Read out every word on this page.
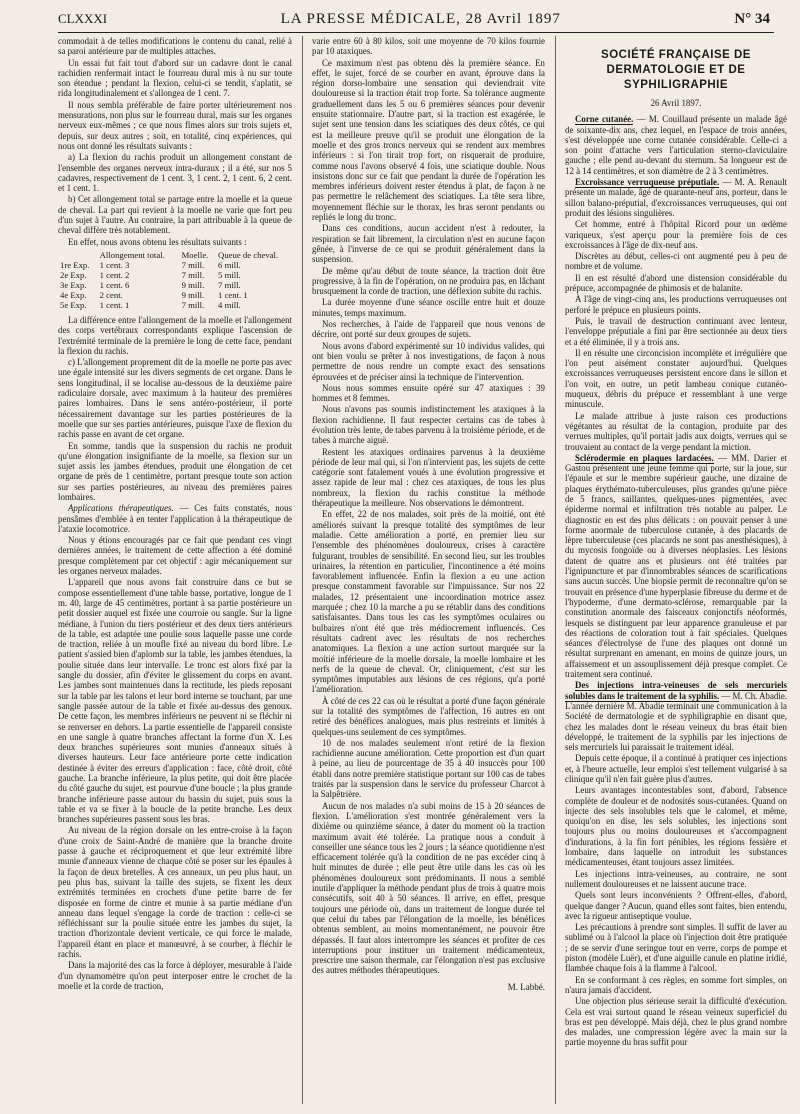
CLXXXI	LA PRESSE MÉDICALE, 28 Avril 1897	N° 34

commodait à de telles modifications le contenu du canal, relié à sa paroi antérieure par de multiples attaches.

Un essai fut fait tout d'abord sur un cadavre dont le canal rachidien renfermait intact le fourreau dural mis à nu sur toute son étendue ; pendant la flexion, celui-ci se tendit, s'aplatit, se rida longitudinalement et s'allongea de 1 cent. 7.

Il nous sembla préférable de faire porter ultérieurement nos mensurations, non plus sur le fourreau dural, mais sur les organes nerveux eux-mêmes ; ce que nous fîmes alors sur trois sujets et, depuis, sur deux autres ; soit, en totalité, cinq expériences, qui nous ont donné les résultats suivants :

a) La flexion du rachis produit un allongement constant de l'ensemble des organes nerveux intra-duraux ; il a été, sur nos 5 cadavres, respectivement de 1 cent. 3, 1 cent. 2, 1 cent. 6, 2 cent. et 1 cent. 1.

b) Cet allongement total se partage entre la moelle et la queue de cheval. La part qui revient à la moelle ne varie que fort peu d'un sujet à l'autre. Au contraire, la part attribuable à la queue de cheval diffère très notablement.

En effet, nous avons obtenu les résultats suivants :

	Allongement total.	Moelle.	Queue de cheval.
1re Exp.	1 cent. 3	7 mill.	6 mill.
2e Exp.	1 cent. 2	7 mill.	5 mill.
3e Exp.	1 cent. 6	9 mill.	7 mill.
4e Exp.	2 cent.	9 mill.	1 cent. 1
5e Exp.	1 cent. 1	7 mill.	4 mill.

La différence entre l'allongement de la moelle et l'allongement des corps vertébraux correspondants explique l'ascension de l'extrémité terminale de la première le long de cette face, pendant la flexion du rachis.

c) L'allongement proprement dit de la moelle ne porte pas avec une égale intensité sur les divers segments de cet organe. Dans le sens longitudinal, il se localise au-dessous de la deuxième paire radiculaire dorsale, avec maximum à la hauteur des premières paires lombaires. Dans le sens antéro-postérieur, il porte nécessairement davantage sur les parties postérieures de la moelle que sur ses parties antérieures, puisque l'axe de flexion du rachis passe en avant de cet organe.

En somme, tandis que la suspension du rachis ne produit qu'une élongation insignifiante de la moelle, sa flexion sur un sujet assis les jambes étendues, produit une élongation de cet organe de près de 1 centimètre, portant presque toute son action sur ses parties postérieures, au niveau des premières paires lombaires.

Applications thérapeutiques. — Ces faits constatés, nous pensâmes d'emblée à en tenter l'application à la thérapeutique de l'ataxie locomotrice.

Nous y étions encouragés par ce fait que pendant ces vingt dernières années, le traitement de cette affection a été dominé presque complètement par cet objectif : agir mécaniquement sur les organes nerveux malades.

L'appareil que nous avons fait construire dans ce but se compose essentiellement d'une table basse, portative, longue de 1 m. 40, large de 45 centimètres, portant à sa partie postérieure un petit dossier auquel est fixée une courroie ou sangle. Sur la ligne médiane, à l'union du tiers postérieur et des deux tiers antérieurs de la table, est adaptée une poulie sous laquelle passe une corde de traction, reliée à un moufle fixé au niveau du bord libre. Le patient s'assied bien d'aplomb sur la table, les jambes étendues, la poulie située dans leur intervalle. Le tronc est alors fixé par la sangle du dossier, afin d'éviter le glissement du corps en avant. Les jambes sont maintenues dans la rectitude, les pieds reposant sur la table par les talons et leur bord interne se touchant, par une sangle passée autour de la table et fixée au-dessus des genoux. De cette façon, les membres inférieurs ne peuvent ni se fléchir ni se renverser en dehors. La partie essentielle de l'appareil consiste en une sangle à quatre branches affectant la forme d'un X. Les deux branches supérieures sont munies d'anneaux situés à diverses hauteurs. Leur face antérieure porte cette indication destinée à éviter des erreurs d'application : face, côté droit, côté gauche. La branche inférieure, la plus petite, qui doit être placée du côté gauche du sujet, est pourvue d'une boucle ; la plus grande branche inférieure passe autour du bassin du sujet, puis sous la table et va se fixer à la boucle de la petite branche. Les deux branches supérieures passent sous les bras.

Au niveau de la région dorsale on les entre-croise à la façon d'une croix de Saint-André de manière que la branche droite passe à gauche et réciproquement et que leur extrémité libre munie d'anneaux vienne de chaque côté se poser sur les épaules à la façon de deux bretelles. À ces anneaux, un peu plus haut, un peu plus bas, suivant la taille des sujets, se fixent les deux extrémités terminées en crochets d'une petite barre de fer disposée en forme de cintre et munie à sa partie médiane d'un anneau dans lequel s'engage la corde de traction : celle-ci se réfléchissant sur la poulie située entre les jambes du sujet, la traction d'horizontale devient verticale, ce qui force le malade, l'appareil étant en place et manœuvré, à se courber, à fléchir le rachis.

Dans la majorité des cas la force à déployer, mesurable à l'aide d'un dynamomètre qu'on peut interposer entre le crochet de la moelle et la corde de traction,

varie entre 60 à 80 kilos, soit une moyenne de 70 kilos fournie par 10 ataxiques.

Ce maximum n'est pas obtenu dès la première séance. En effet, le sujet, forcé de se courber en avant, éprouve dans la région dorso-lombaire une sensation qui deviendrait vite douloureuse si la traction était trop forte. Sa tolérance augmente graduellement dans les 5 ou 6 premières séances pour devenir ensuite stationnaire. D'autre part, si la traction est exagérée, le sujet sent une tension dans les sciatiques des deux côtés, ce qui est la meilleure preuve qu'il se produit une élongation de la moelle et des gros troncs nerveux qui se rendent aux membres inférieurs : si l'on tirait trop fort, on risquerait de produire, comme nous l'avons observé 4 fois, une sciatique double. Nous insistons donc sur ce fait que pendant la durée de l'opération les membres inférieurs doivent rester étendus à plat, de façon à ne pas permettre le relâchement des sciatiques. La tête sera libre, moyennement fléchie sur le thorax, les bras seront pendants ou repliés le long du tronc.

Dans ces conditions, aucun accident n'est à redouter, la respiration se fait librement, la circulation n'est en aucune façon gênée, à l'inverse de ce qui se produit généralement dans la suspension.

De même qu'au début de toute séance, la traction doit être progressive, à la fin de l'opération, on ne produira pas, en lâchant brusquement la corde de traction, une déflexion subite du rachis.

La durée moyenne d'une séance oscille entre huit et douze minutes, temps maximum.

Nos recherches, à l'aide de l'appareil que nous venons de décrire, ont porté sur deux groupes de sujets.

Nous avons d'abord expérimenté sur 10 individus valides, qui ont bien voulu se prêter à nos investigations, de façon à nous permettre de nous rendre un compte exact des sensations éprouvées et de préciser ainsi la technique de l'intervention.

Nous nous sommes ensuite opéré sur 47 ataxiques : 39 hommes et 8 femmes.

Nous n'avons pas soumis indistinctement les ataxiques à la flexion rachidienne. Il faut respecter certains cas de tabes à évolution très lente, de tabes parvenu à la troisième période, et de tabes à marche aiguë.

Restent les ataxiques ordinaires parvenus à la deuxième période de leur mal qui, si l'on n'intervient pas, les sujets de cette catégorie sont fatalement voués à une évolution progressive et assez rapide de leur mal : chez ces ataxiques, de tous les plus nombreux, la flexion du rachis constitue la méthode thérapeutique la meilleure. Nos observations le démontrent.

En effet, 22 de nos malades, soit près de la moitié, ont été améliorés suivant la presque totalité des symptômes de leur maladie. Cette amélioration a porté, en premier lieu sur l'ensemble des phénomènes douloureux, crises à caractère fulgurant, troubles de sensibilité. En second lieu, sur les troubles urinaires, la rétention en particulier, l'incontinence a été moins favorablement influencée. Enfin la flexion a eu une action presque constamment favorable sur l'impuissance. Sur nos 22 malades, 12 présentaient une incoordination motrice assez marquée ; chez 10 la marche a pu se rétablir dans des conditions satisfaisantes. Dans tous les cas les symptômes oculaires ou bulbaires n'ont été que très médiocrement influencés. Ces résultats cadrent avec les résultats de nos recherches anatomiques. La flexion a une action surtout marquée sur la moitié inférieure de la moelle dorsale, la moelle lombaire et les nerfs de la queue de cheval. Or, cliniquement, c'est sur les symptômes imputables aux lésions de ces régions, qu'a porté l'amélioration.

À côté de ces 22 cas où le résultat a porté d'une façon générale sur la totalité des symptômes de l'affection, 16 autres en ont retiré des bénéfices analogues, mais plus restreints et limités à quelques-uns seulement de ces symptômes.

10 de nos malades seulement n'ont retiré de la flexion rachidienne aucune amélioration. Cette proportion est d'un quart à peine, au lieu de pourcentage de 35 à 40 insuccès pour 100 établi dans notre première statistique portant sur 100 cas de tabes traités par la suspension dans le service du professeur Charcot à la Salpêtrière.

Aucun de nos malades n'a subi moins de 15 à 20 séances de flexion. L'amélioration s'est montrée généralement vers la dixième ou quinzième séance, à dater du moment où la traction maximum avait été tolérée. La pratique nous a conduit à conseiller une séance tous les 2 jours ; la séance quotidienne n'est efficacement tolérée qu'à la condition de ne pas excéder cinq à huit minutes de durée ; elle peut être utile dans les cas où les phénomènes douloureux sont prédominants. Il nous a semblé inutile d'appliquer la méthode pendant plus de trois à quatre mois consécutifs, soit 40 à 50 séances. Il arrive, en effet, presque toujours une période où, dans un traitement de longue durée tel que celui du tabes par l'élongation de la moelle, les bénéfices obtenus semblent, au moins momentanément, ne pouvoir être dépassés. Il faut alors interrompre les séances et profiter de ces interruptions pour instituer un traitement médicamenteux, prescrire une saison thermale, car l'élongation n'est pas exclusive des autres méthodes thérapeutiques.

M. Labbé.

SOCIÉTÉ FRANÇAISE DE DERMATOLOGIE ET DE SYPHILIGRAPHIE

26 Avril 1897.

Corne cutanée. — M. Couillaud présente un malade âgé de soixante-dix ans, chez lequel, en l'espace de trois années, s'est développée une corne cutanée considérable. Celle-ci a son point d'attache vers l'articulation sterno-claviculaire gauche ; elle pend au-devant du sternum. Sa longueur est de 12 à 14 centimètres, et son diamètre de 2 à 3 centimètres.

Excroissance verruqueuse préputiale. — M. A. Renault présente un malade, âgé de quarante-neuf ans, porteur, dans le sillon balano-préputial, d'excroissances verruqueuses, qui ont produit des lésions singulières.

Cet homme, entré à l'hôpital Ricord pour un œdème variqueux, s'est aperçu pour la première fois de ces excroissances à l'âge de dix-neuf ans.

Discrètes au début, celles-ci ont augmenté peu à peu de nombre et de volume.

Il en est résulté d'abord une distension considérable du prépuce, accompagnée de phimosis et de balanite.

À l'âge de vingt-cinq ans, les productions verruqueuses ont perforé le prépuce en plusieurs points.

Puis, le travail de destruction continuant avec lenteur, l'enveloppe préputiale a fini par être sectionnée au deux tiers et a été éliminée, il y a trois ans.

Il en résulte une circoncision incomplète et irrégulière que l'on peut aisément constater aujourd'hui. Quelques excroissances verruqueuses persistent encore dans le sillon et l'on voit, en outre, un petit lambeau conique cutanéo-muqueux, débris du prépuce et ressemblant à une verge minuscule.

Le malade attribue à juste raison ces productions végétantes au résultat de la contagion, produite par des verrues multiples, qu'il portait jadis aux doigts, verrues qui se trouvaient au contact de la verge pendant la miction.

Sclérodermie en plaques lardacées. — MM. Darier et Gastou présentent une jeune femme qui porte, sur la joue, sur l'épaule et sur le membre supérieur gauche, une dizaine de plaques érythémato-tuberculeuses, plus grandes qu'une pièce de 5 francs, saillantes, quelques-unes pigmentées, avec épiderme normal et infiltration très notable au palper. Le diagnostic en est des plus délicats : on pouvait penser à une forme anormale de tuberculose cutanée, à des placards de lèpre tuberculeuse (ces placards ne sont pas anesthésiques), à du mycosis fongoïde ou à diverses néoplasies. Les lésions datent de quatre ans et plusieurs ont été traitées par l'ignipuncture et par d'innombrables séances de scarifications sans aucun succès. Une biopsie permit de reconnaître qu'on se trouvait en présence d'une hyperplasie fibreuse du derme et de l'hypoderme, d'une dermato-sclérose, remarquable par la constitution anormale des faisceaux conjonctifs néoformés, lesquels se distinguent par leur apparence granuleuse et par des réactions de coloration tout à fait spéciales. Quelques séances d'électrolyse de l'une des plaques ont donné un résultat surprenant en amenant, en moins de quinze jours, un affaissement et un assouplissement déjà presque complet. Ce traitement sera continué.

Des injections intra-veineuses de sels mercuriels solubles dans le traitement de la syphilis. — M. Ch. Abadie. L'année dernière M. Abadie terminait une communication à la Société de dermatologie et de syphiligraphie en disant que, chez les malades dont le réseau veineux du bras était bien développé, le traitement de la syphilis par les injections de sels mercuriels lui paraissait le traitement idéal.

Depuis cette époque, il a continué à pratiquer ces injections et, à l'heure actuelle, leur emploi s'est tellement vulgarisé à sa clinique qu'il n'en fait guère plus d'autres.

Leurs avantages incontestables sont, d'abord, l'absence complète de douleur et de nodosités sous-cutanées. Quand on injecte des sels insolubles tels que le calomel, et même, quoiqu'on en dise, les sels solubles, les injections sont toujours plus ou moins douloureuses et s'accompagnent d'indurations, à la fin fort pénibles, les régions fessière et lombaire, dans laquelle on introduit les substances médicamenteuses, étant toujours assez limitées.

Les injections intra-veineuses, au contraire, ne sont nullement douloureuses et ne laissent aucune trace.

Quels sont leurs inconvénients ? Offrent-elles, d'abord, quelque danger ? Aucun, quand elles sont faites, bien entendu, avec la rigueur antiseptique voulue.

Les précautions à prendre sont simples. Il suffit de laver au sublimé ou à l'alcool la place où l'injection doit être pratiquée ; de se servir d'une seringue tout en verre, corps de pompe et piston (modèle Luër), et d'une aiguille canule en platine iridié, flambée chaque fois à la flamme à l'alcool.

En se conformant à ces règles, en somme fort simples, on n'aura jamais d'accident.

Une objection plus sérieuse serait la difficulté d'exécution. Cela est vrai surtout quand le réseau veineux superficiel du bras est peu développé. Mais déjà, chez le plus grand nombre des malades, une compression légère avec la main sur la partie moyenne du bras suffit pour
